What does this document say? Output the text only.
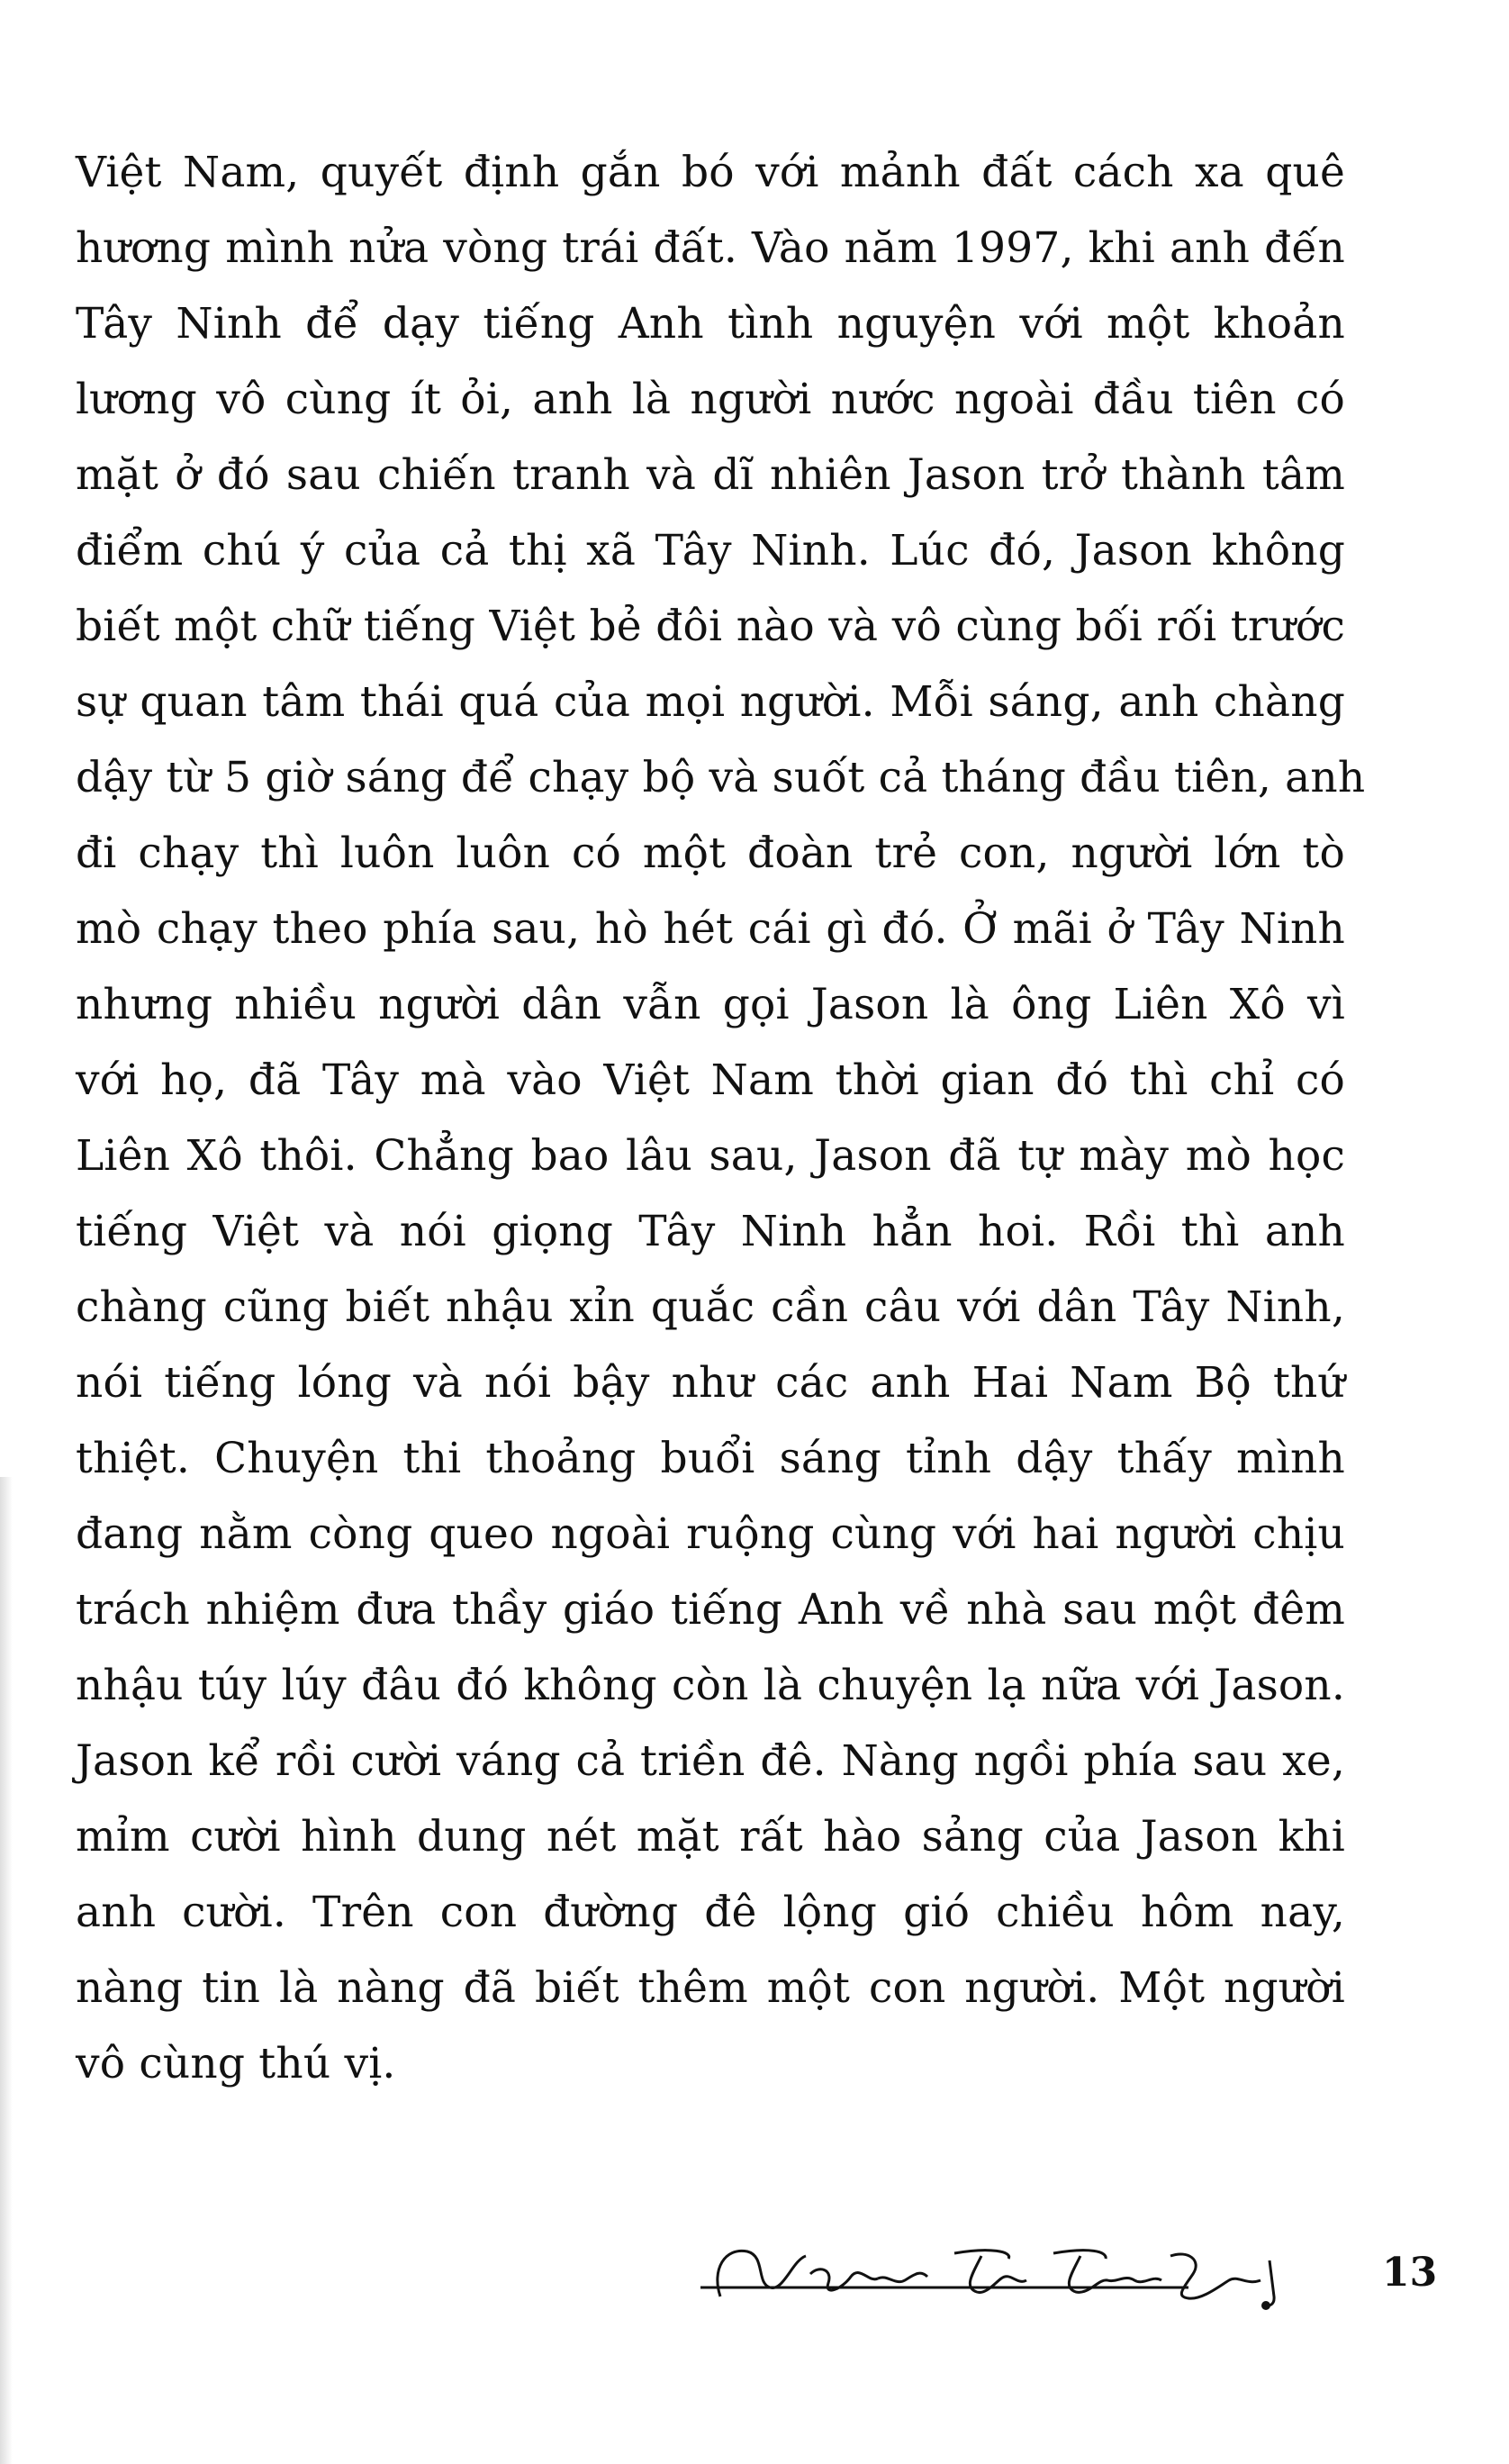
Việt Nam, quyết định gắn bó với mảnh đất cách xa quê
hương mình nửa vòng trái đất. Vào năm 1997, khi anh đến
Tây Ninh để dạy tiếng Anh tình nguyện với một khoản
lương vô cùng ít ỏi, anh là người nước ngoài đầu tiên có
mặt ở đó sau chiến tranh và dĩ nhiên Jason trở thành tâm
điểm chú ý của cả thị xã Tây Ninh. Lúc đó, Jason không
biết một chữ tiếng Việt bẻ đôi nào và vô cùng bối rối trước
sự quan tâm thái quá của mọi người. Mỗi sáng, anh chàng
dậy từ 5 giờ sáng để chạy bộ và suốt cả tháng đầu tiên, anh
đi chạy thì luôn luôn có một đoàn trẻ con, người lớn tò
mò chạy theo phía sau, hò hét cái gì đó. Ở mãi ở Tây Ninh
nhưng nhiều người dân vẫn gọi Jason là ông Liên Xô vì
với họ, đã Tây mà vào Việt Nam thời gian đó thì chỉ có
Liên Xô thôi. Chẳng bao lâu sau, Jason đã tự mày mò học
tiếng Việt và nói giọng Tây Ninh hẳn hoi. Rồi thì anh
chàng cũng biết nhậu xỉn quắc cần câu với dân Tây Ninh,
nói tiếng lóng và nói bậy như các anh Hai Nam Bộ thứ
thiệt. Chuyện thi thoảng buổi sáng tỉnh dậy thấy mình
đang nằm còng queo ngoài ruộng cùng với hai người chịu
trách nhiệm đưa thầy giáo tiếng Anh về nhà sau một đêm
nhậu túy lúy đâu đó không còn là chuyện lạ nữa với Jason.
Jason kể rồi cười váng cả triền đê. Nàng ngồi phía sau xe,
mỉm cười hình dung nét mặt rất hào sảng của Jason khi
anh cười. Trên con đường đê lộng gió chiều hôm nay,
nàng tin là nàng đã biết thêm một con người. Một người
vô cùng thú vị.
Nguyễn Thị Thanh Lưu
13
